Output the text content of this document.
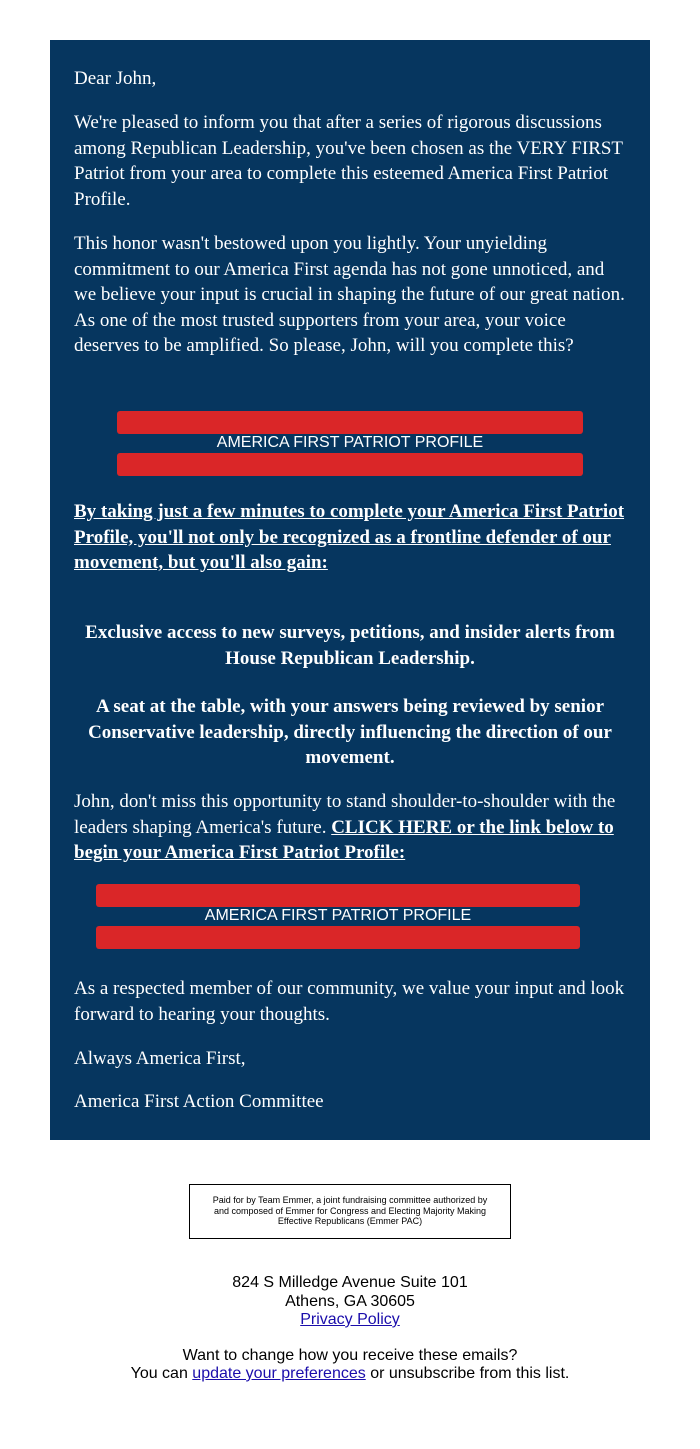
Dear John,

We're pleased to inform you that after a series of rigorous discussions among Republican Leadership, you've been chosen as the VERY FIRST Patriot from your area to complete this esteemed America First Patriot Profile.

This honor wasn't bestowed upon you lightly. Your unyielding commitment to our America First agenda has not gone unnoticed, and we believe your input is crucial in shaping the future of our great nation. As one of the most trusted supporters from your area, your voice deserves to be amplified. So please, John, will you complete this?

AMERICA FIRST PATRIOT PROFILE

By taking just a few minutes to complete your America First Patriot Profile, you'll not only be recognized as a frontline defender of our movement, but you'll also gain:

Exclusive access to new surveys, petitions, and insider alerts from House Republican Leadership.

A seat at the table, with your answers being reviewed by senior Conservative leadership, directly influencing the direction of our movement.

John, don't miss this opportunity to stand shoulder-to-shoulder with the leaders shaping America's future. CLICK HERE or the link below to begin your America First Patriot Profile:

AMERICA FIRST PATRIOT PROFILE

As a respected member of our community, we value your input and look forward to hearing your thoughts.

Always America First,

America First Action Committee

Paid for by Team Emmer, a joint fundraising committee authorized by and composed of Emmer for Congress and Electing Majority Making Effective Republicans (Emmer PAC)

824 S Milledge Avenue Suite 101

Athens, GA 30605

Privacy Policy

Want to change how you receive these emails?

You can update your preferences or unsubscribe from this list.
